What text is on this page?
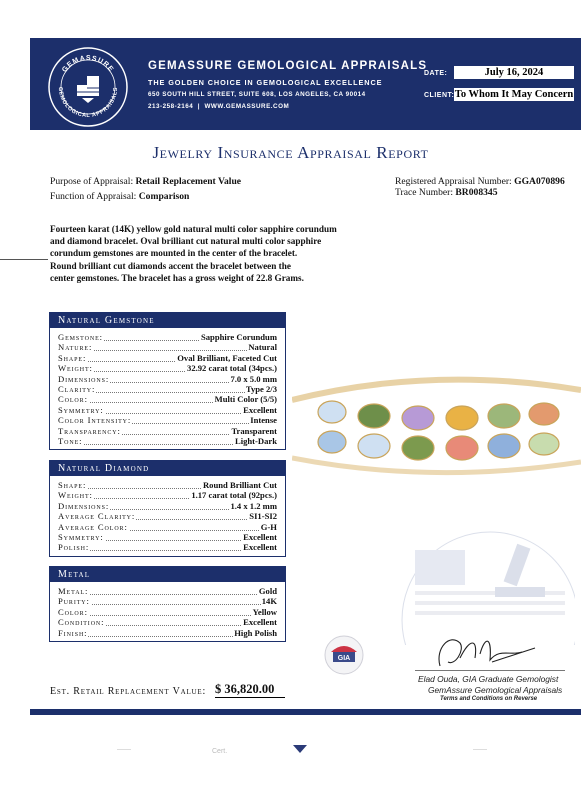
GEMASSURE
GEMOLOGICAL APPRAISALS
GEMASSURE GEMOLOGICAL APPRAISALS
THE GOLDEN CHOICE IN GEMOLOGICAL EXCELLENCE
650 SOUTH HILL STREET, SUITE 608, LOS ANGELES, CA 90014
213-258-2164  |  WWW.GEMASSURE.COM
DATE:	July 16, 2024
CLIENT: To Whom It May Concern
Jewelry Insurance Appraisal Report
Purpose of Appraisal: Retail Replacement Value
Function of Appraisal: Comparison
Registered Appraisal Number: GGA070896
Trace Number: BR008345
Fourteen karat (14K) yellow gold natural multi color sapphire corundum
and diamond bracelet. Oval brilliant cut natural multi color sapphire
corundum gemstones are mounted in the center of the bracelet.
Round brilliant cut diamonds accent the bracelet between the
center gemstones. The bracelet has a gross weight of 22.8 Grams.
Natural Gemstone
Gemstone:	Sapphire Corundum
Nature:	Natural
Shape:	Oval Brilliant, Faceted Cut
Weight:	32.92 carat total (34pcs.)
Dimensions:	7.0 x 5.0 mm
Clarity:	Type 2/3
Color:	Multi Color (5/5)
Symmetry:	Excellent
Color Intensity:	Intense
Transparency:	Transparent
Tone:	Light-Dark
Natural Diamond
Shape:	Round Brilliant Cut
Weight:	1.17 carat total (92pcs.)
Dimensions:	1.4 x 1.2 mm
Average Clarity:	SI1-SI2
Average Color:	G-H
Symmetry:	Excellent
Polish:	Excellent
Metal
Metal:	Gold
Purity:	14K
Color:	Yellow
Condition:	Excellent
Finish:	High Polish
GIA
Elad Ouda, GIA Graduate Gemologist
GemAssure Gemological Appraisals
Terms and Conditions on Reverse
Est. Retail Replacement Value: $ 36,820.00
Cert.
